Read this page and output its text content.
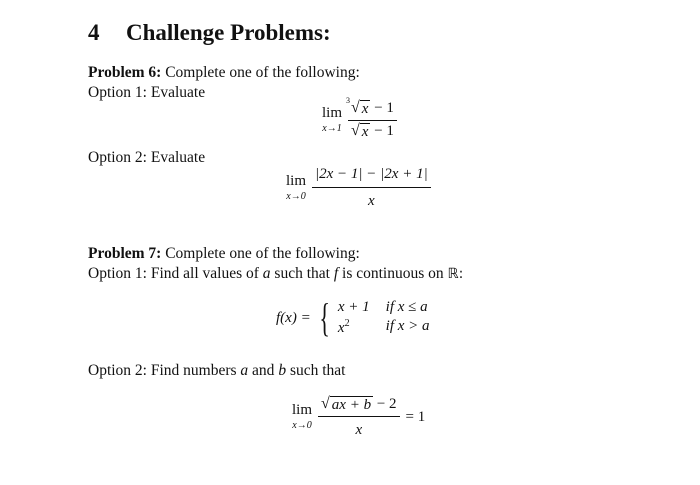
4 Challenge Problems:
Problem 6: Complete one of the following:
Option 1: Evaluate
lim
x→1 √
3
x − 1
√ x − 1
Option 2: Evaluate
lim
$x\to 0 \frac{|2x - 1| - |2x + 1|}{x}$
Problem 7: Complete one of the following:
Option 1: Find all values of a such that f is continuous on ℝ:
f(x) = { x + 1 if x ≤ a
$x^2$	if x > a
Option 2: Find numbers a and b such that
lim
$x\to 0 \frac{√ ax + b - 2}{x} = 1$
